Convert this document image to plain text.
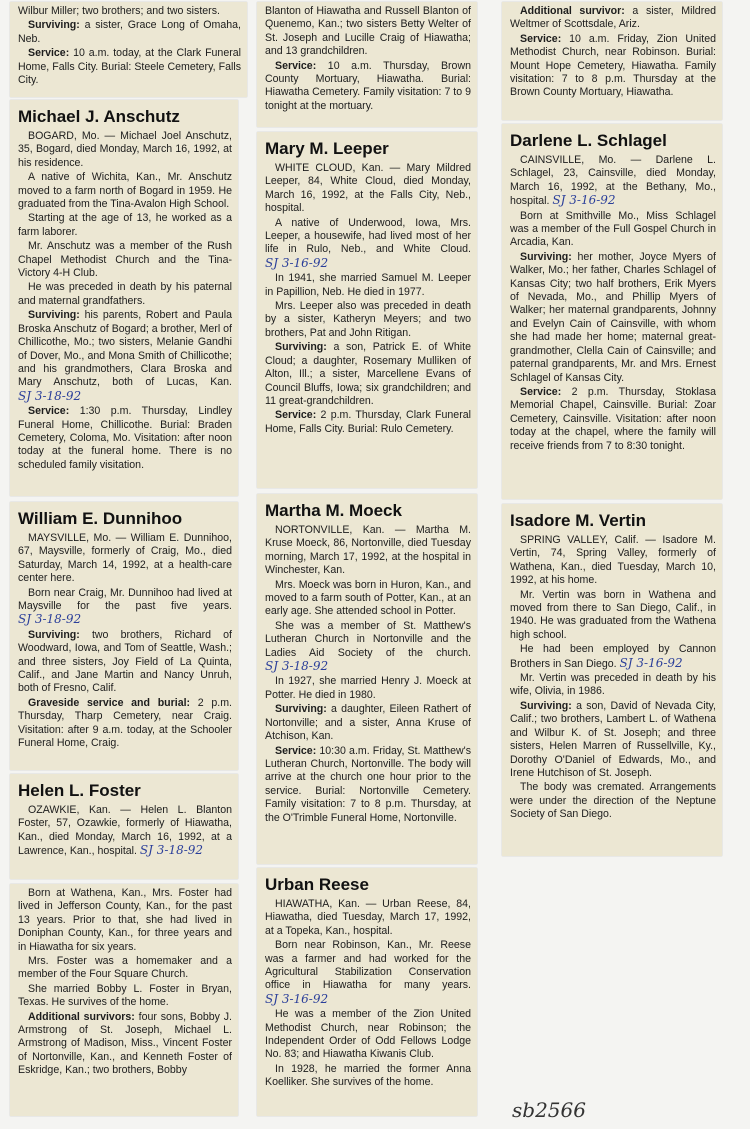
Wilbur Miller; two brothers; and two sisters.

Surviving: a sister, Grace Long of Omaha, Neb.

Service: 10 a.m. today, at the Clark Funeral Home, Falls City. Burial: Steele Cemetery, Falls City.

Michael J. Anschutz

BOGARD, Mo. — Michael Joel Anschutz, 35, Bogard, died Monday, March 16, 1992, at his residence.

A native of Wichita, Kan., Mr. Anschutz moved to a farm north of Bogard in 1959. He graduated from the Tina-Avalon High School.

Starting at the age of 13, he worked as a farm laborer.

Mr. Anschutz was a member of the Rush Chapel Methodist Church and the Tina-Victory 4-H Club.

He was preceded in death by his paternal and maternal grandfathers.

Surviving: his parents, Robert and Paula Broska Anschutz of Bogard; a brother, Merl of Chillicothe, Mo.; two sisters, Melanie Gandhi of Dover, Mo., and Mona Smith of Chillicothe; and his grandmothers, Clara Broska and Mary Anschutz, both of Lucas, Kan. SJ 3-18-92

Service: 1:30 p.m. Thursday, Lindley Funeral Home, Chillicothe. Burial: Braden Cemetery, Coloma, Mo. Visitation: after noon today at the funeral home. There is no scheduled family visitation.

William E. Dunnihoo

MAYSVILLE, Mo. — William E. Dunnihoo, 67, Maysville, formerly of Craig, Mo., died Saturday, March 14, 1992, at a health-care center here.

Born near Craig, Mr. Dunnihoo had lived at Maysville for the past five years. SJ 3-18-92

Surviving: two brothers, Richard of Woodward, Iowa, and Tom of Seattle, Wash.; and three sisters, Joy Field of La Quinta, Calif., and Jane Martin and Nancy Unruh, both of Fresno, Calif.

Graveside service and burial: 2 p.m. Thursday, Tharp Cemetery, near Craig. Visitation: after 9 a.m. today, at the Schooler Funeral Home, Craig.

Helen L. Foster

OZAWKIE, Kan. — Helen L. Blanton Foster, 57, Ozawkie, formerly of Hiawatha, Kan., died Monday, March 16, 1992, at a Lawrence, Kan., hospital. SJ 3-18-92

Born at Wathena, Kan., Mrs. Foster had lived in Jefferson County, Kan., for the past 13 years. Prior to that, she had lived in Doniphan County, Kan., for three years and in Hiawatha for six years.

Mrs. Foster was a homemaker and a member of the Four Square Church.

She married Bobby L. Foster in Bryan, Texas. He survives of the home.

Additional survivors: four sons, Bobby J. Armstrong of St. Joseph, Michael L. Armstrong of Madison, Miss., Vincent Foster of Nortonville, Kan., and Kenneth Foster of Eskridge, Kan.; two brothers, Bobby

Blanton of Hiawatha and Russell Blanton of Quenemo, Kan.; two sisters Betty Welter of St. Joseph and Lucille Craig of Hiawatha; and 13 grandchildren.

Service: 10 a.m. Thursday, Brown County Mortuary, Hiawatha. Burial: Hiawatha Cemetery. Family visitation: 7 to 9 tonight at the mortuary.

Mary M. Leeper

WHITE CLOUD, Kan. — Mary Mildred Leeper, 84, White Cloud, died Monday, March 16, 1992, at the Falls City, Neb., hospital.

A native of Underwood, Iowa, Mrs. Leeper, a housewife, had lived most of her life in Rulo, Neb., and White Cloud. SJ 3-16-92

In 1941, she married Samuel M. Leeper in Papillion, Neb. He died in 1977.

Mrs. Leeper also was preceded in death by a sister, Katheryn Meyers; and two brothers, Pat and John Ritigan.

Surviving: a son, Patrick E. of White Cloud; a daughter, Rosemary Mulliken of Alton, Ill.; a sister, Marcellene Evans of Council Bluffs, Iowa; six grandchildren; and 11 great-grandchildren.

Service: 2 p.m. Thursday, Clark Funeral Home, Falls City. Burial: Rulo Cemetery.

Martha M. Moeck

NORTONVILLE, Kan. — Martha M. Kruse Moeck, 86, Nortonville, died Tuesday morning, March 17, 1992, at the hospital in Winchester, Kan.

Mrs. Moeck was born in Huron, Kan., and moved to a farm south of Potter, Kan., at an early age. She attended school in Potter.

She was a member of St. Matthew's Lutheran Church in Nortonville and the Ladies Aid Society of the church. SJ 3-18-92

In 1927, she married Henry J. Moeck at Potter. He died in 1980.

Surviving: a daughter, Eileen Rathert of Nortonville; and a sister, Anna Kruse of Atchison, Kan.

Service: 10:30 a.m. Friday, St. Matthew's Lutheran Church, Nortonville. The body will arrive at the church one hour prior to the service. Burial: Nortonville Cemetery. Family visitation: 7 to 8 p.m. Thursday, at the O'Trimble Funeral Home, Nortonville.

Urban Reese

HIAWATHA, Kan. — Urban Reese, 84, Hiawatha, died Tuesday, March 17, 1992, at a Topeka, Kan., hospital.

Born near Robinson, Kan., Mr. Reese was a farmer and had worked for the Agricultural Stabilization Conservation office in Hiawatha for many years. SJ 3-16-92

He was a member of the Zion United Methodist Church, near Robinson; the Independent Order of Odd Fellows Lodge No. 83; and Hiawatha Kiwanis Club.

In 1928, he married the former Anna Koelliker. She survives of the home.

Additional survivor: a sister, Mildred Weltmer of Scottsdale, Ariz.

Service: 10 a.m. Friday, Zion United Methodist Church, near Robinson. Burial: Mount Hope Cemetery, Hiawatha. Family visitation: 7 to 8 p.m. Thursday at the Brown County Mortuary, Hiawatha.

Darlene L. Schlagel

CAINSVILLE, Mo. — Darlene L. Schlagel, 23, Cainsville, died Monday, March 16, 1992, at the Bethany, Mo., hospital. SJ 3-16-92

Born at Smithville Mo., Miss Schlagel was a member of the Full Gospel Church in Arcadia, Kan.

Surviving: her mother, Joyce Myers of Walker, Mo.; her father, Charles Schlagel of Kansas City; two half brothers, Erik Myers of Nevada, Mo., and Phillip Myers of Walker; her maternal grandparents, Johnny and Evelyn Cain of Cainsville, with whom she had made her home; maternal great-grandmother, Clella Cain of Cainsville; and paternal grandparents, Mr. and Mrs. Ernest Schlagel of Kansas City.

Service: 2 p.m. Thursday, Stoklasa Memorial Chapel, Cainsville. Burial: Zoar Cemetery, Cainsville. Visitation: after noon today at the chapel, where the family will receive friends from 7 to 8:30 tonight.

Isadore M. Vertin

SPRING VALLEY, Calif. — Isadore M. Vertin, 74, Spring Valley, formerly of Wathena, Kan., died Tuesday, March 10, 1992, at his home.

Mr. Vertin was born in Wathena and moved from there to San Diego, Calif., in 1940. He was graduated from the Wathena high school.

He had been employed by Cannon Brothers in San Diego. SJ 3-16-92

Mr. Vertin was preceded in death by his wife, Olivia, in 1986.

Surviving: a son, David of Nevada City, Calif.; two brothers, Lambert L. of Wathena and Wilbur K. of St. Joseph; and three sisters, Helen Marren of Russellville, Ky., Dorothy O'Daniel of Edwards, Mo., and Irene Hutchison of St. Joseph.

The body was cremated. Arrangements were under the direction of the Neptune Society of San Diego.

sb2566
